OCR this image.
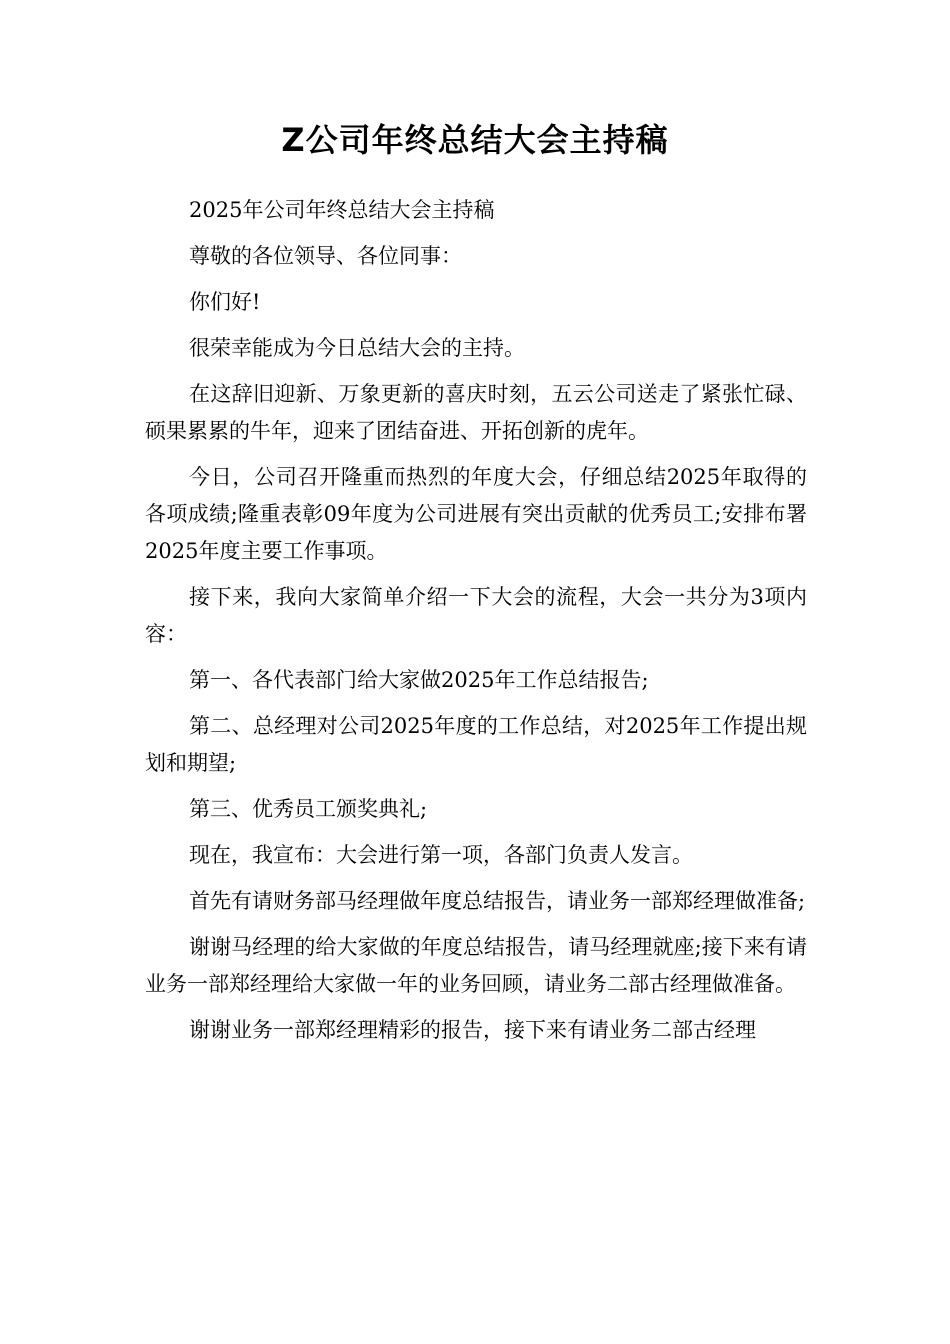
Z公司年终总结大会主持稿

2025年公司年终总结大会主持稿

尊敬的各位领导、各位同事：

你们好!

很荣幸能成为今日总结大会的主持。

在这辞旧迎新、万象更新的喜庆时刻，五云公司送走了紧张忙碌、硕果累累的牛年，迎来了团结奋进、开拓创新的虎年。

今日，公司召开隆重而热烈的年度大会，仔细总结2025年取得的各项成绩;隆重表彰09年度为公司进展有突出贡献的优秀员工;安排布署2025年度主要工作事项。

接下来，我向大家简单介绍一下大会的流程，大会一共分为3项内容：

第一、各代表部门给大家做2025年工作总结报告;

第二、总经理对公司2025年度的工作总结，对2025年工作提出规划和期望;

第三、优秀员工颁奖典礼;

现在，我宣布：大会进行第一项，各部门负责人发言。

首先有请财务部马经理做年度总结报告，请业务一部郑经理做准备;

谢谢马经理的给大家做的年度总结报告，请马经理就座;接下来有请业务一部郑经理给大家做一年的业务回顾，请业务二部古经理做准备。

谢谢业务一部郑经理精彩的报告，接下来有请业务二部古经理
